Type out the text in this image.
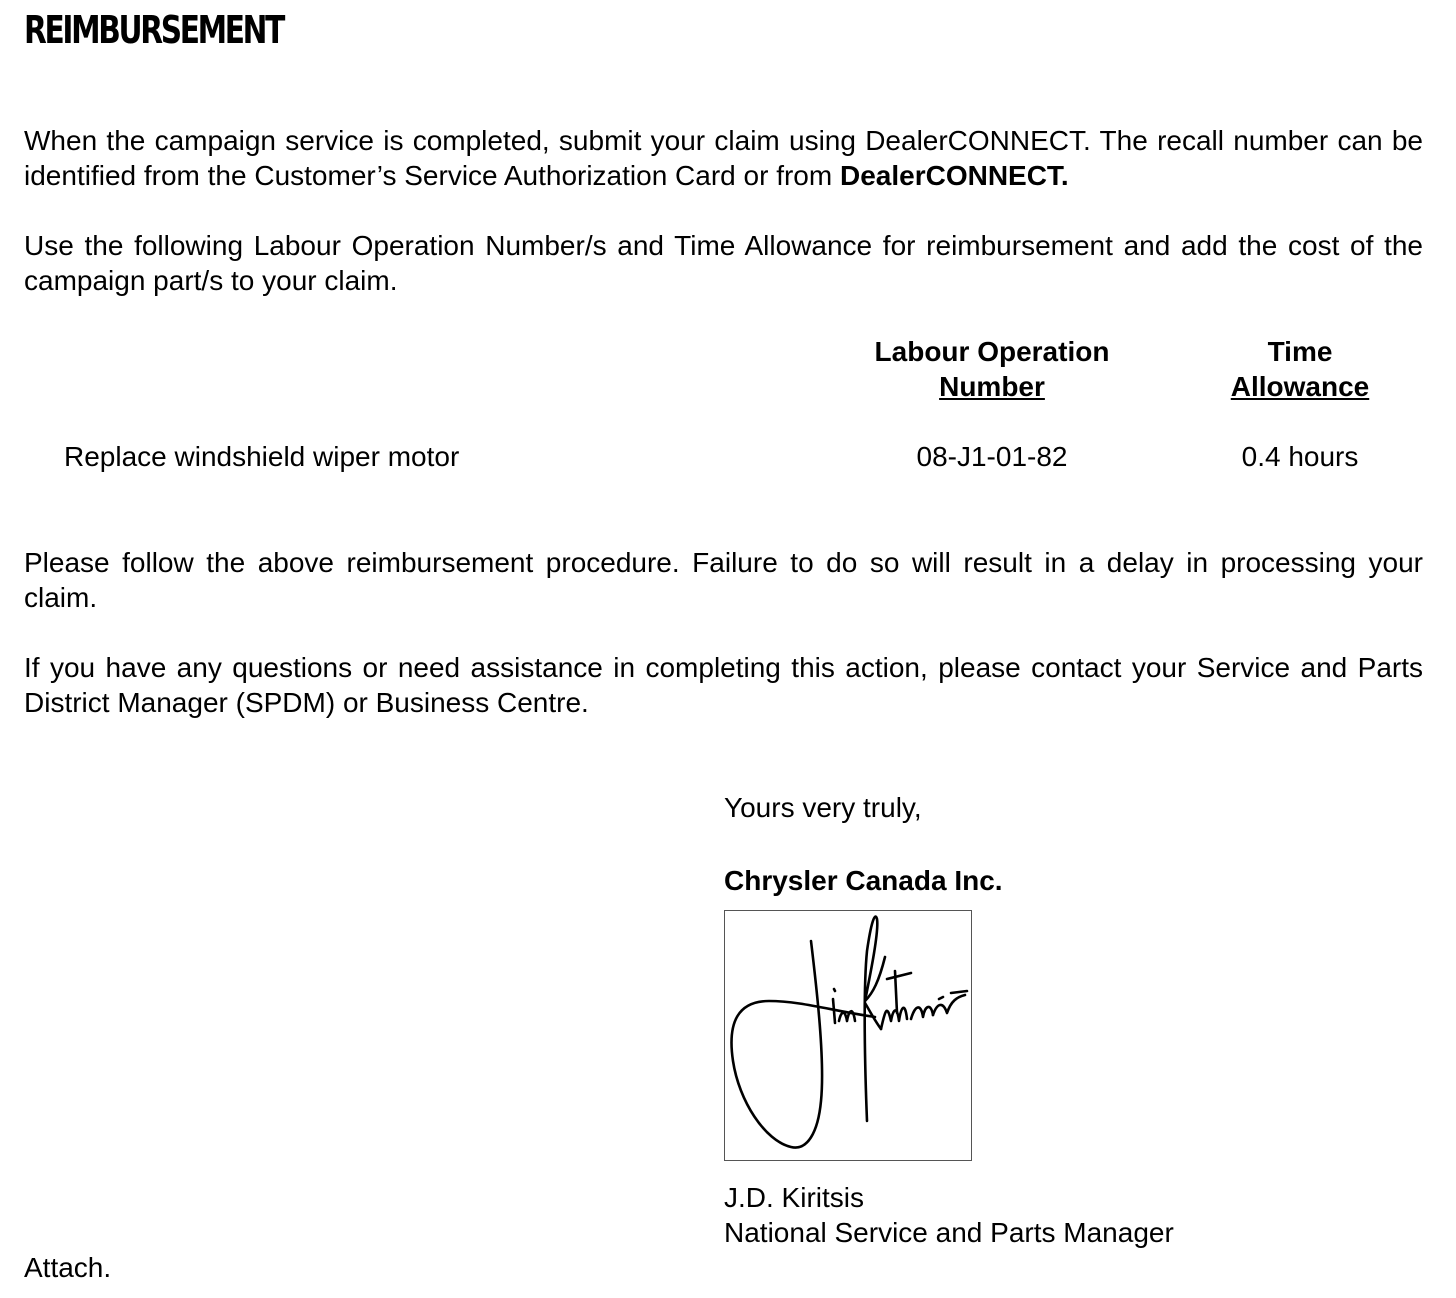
REIMBURSEMENT
When the campaign service is completed, submit your claim using DealerCONNECT. The recall number can be identified from the Customer’s Service Authorization Card or from DealerCONNECT.
Use the following Labour Operation Number/s and Time Allowance for reimbursement and add the cost of the campaign part/s to your claim.
Labour Operation
Number
Time
Allowance
Replace windshield wiper motor	08-J1-01-82	0.4 hours
Please follow the above reimbursement procedure. Failure to do so will result in a delay in processing your claim.
If you have any questions or need assistance in completing this action, please contact your Service and Parts District Manager (SPDM) or Business Centre.
Yours very truly,
Chrysler Canada Inc.
J.D. Kiritsis
National Service and Parts Manager
Attach.
